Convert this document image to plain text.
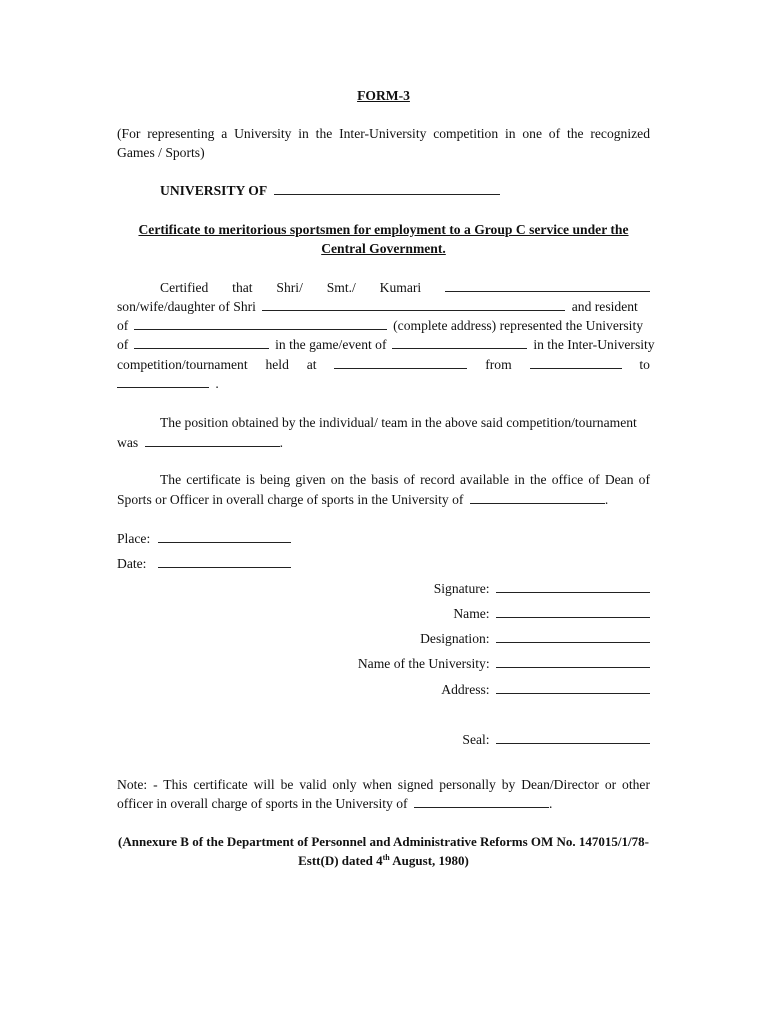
FORM-3
(For representing a University in the Inter-University competition in one of the recognized
Games / Sports)
UNIVERSITY OF
Certificate to meritorious sportsmen for employment to a Group C service under the
Central Government.
Certified that Shri/ Smt./ Kumari
son/wife/daughter of Shri	and resident
of	(complete address) represented the University
of	in the game/event of	in the Inter-University
competition/tournament held at	from	to
.
The position obtained by the individual/ team in the above said competition/tournament
was	.
The certificate is being given on the basis of record available in the office of Dean of
Sports or Officer in overall charge of sports in the University of	.
Place:
Date:
Signature:
Name:
Designation:
Name of the University:
Address:
Seal:
Note: - This certificate will be valid only when signed personally by Dean/Director or other
officer in overall charge of sports in the University of	.
(Annexure B of the Department of Personnel and Administrative Reforms OM No. 147015/1/78-
Estt(D) dated 4th August, 1980)
